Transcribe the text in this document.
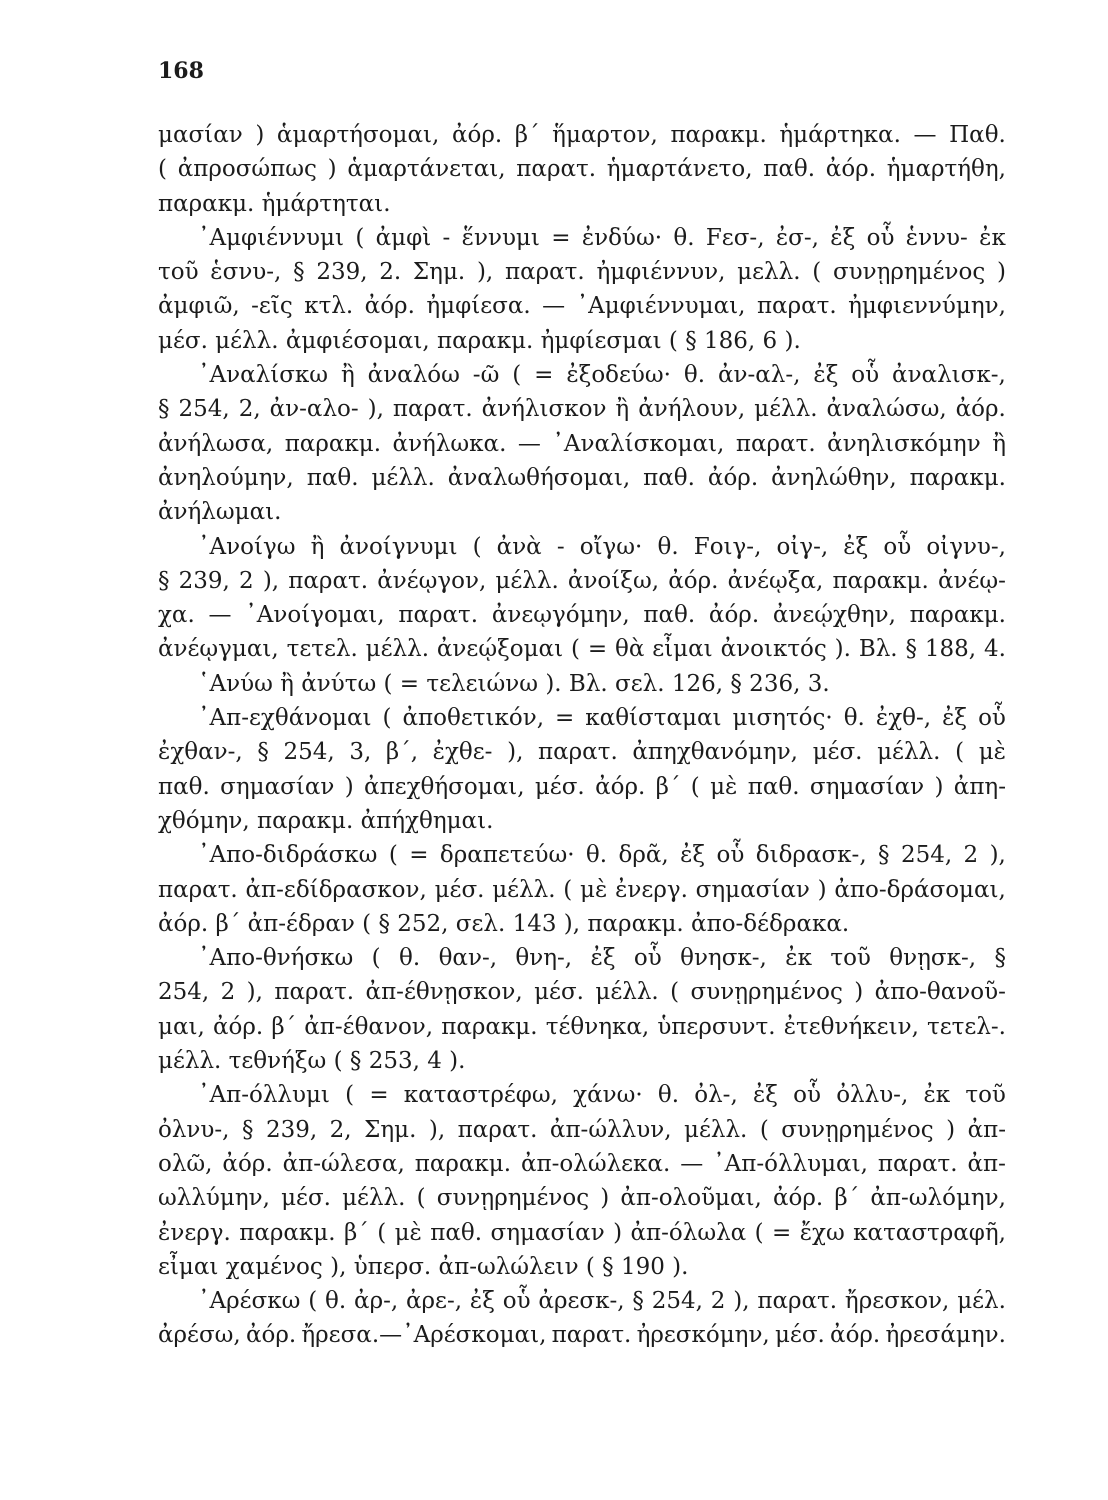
168
μασίαν ) ἁμαρτήσομαι, ἀόρ. β΄ ἥμαρτον, παρακμ. ἡμάρτηκα. — Παθ.
( ἀπροσώπως ) ἁμαρτάνεται, παρατ. ἡμαρτάνετο, παθ. ἀόρ. ἡμαρτήθη,
παρακμ. ἡμάρτηται.
᾿Αμφιέννυμι ( ἀμφὶ - ἕννυμι = ἐνδύω· θ. Fεσ-, ἐσ-, ἐξ οὗ ἑννυ- ἐκ
τοῦ ἑσνυ-, § 239, 2. Σημ. ), παρατ. ἠμφιέννυν, μελλ. ( συνῃρημένος )
ἀμφιῶ, -εῖς κτλ. ἀόρ. ἠμφίεσα. — ᾿Αμφιέννυμαι, παρατ. ἠμφιεννύμην,
μέσ. μέλλ. ἀμφιέσομαι, παρακμ. ἠμφίεσμαι ( § 186, 6 ).
᾿Αναλίσκω ἢ ἀναλόω -ῶ ( = ἐξοδεύω· θ. ἀν-αλ-, ἐξ οὗ ἀναλισκ-,
§ 254, 2, ἀν-αλο- ), παρατ. ἀνήλισκον ἢ ἀνήλουν, μέλλ. ἀναλώσω, ἀόρ.
ἀνήλωσα, παρακμ. ἀνήλωκα. — ᾿Αναλίσκομαι, παρατ. ἀνηλισκόμην ἢ
ἀνηλούμην, παθ. μέλλ. ἀναλωθήσομαι, παθ. ἀόρ. ἀνηλώθην, παρακμ.
ἀνήλωμαι.
᾿Ανοίγω ἢ ἀνοίγνυμι ( ἀνὰ - οἴγω· θ. Fοιγ-, οἰγ-, ἐξ οὗ οἰγνυ-,
§ 239, 2 ), παρατ. ἀνέῳγον, μέλλ. ἀνοίξω, ἀόρ. ἀνέῳξα, παρακμ. ἀνέῳ-
χα. — ᾿Ανοίγομαι, παρατ. ἀνεῳγόμην, παθ. ἀόρ. ἀνεῴχθην, παρακμ.
ἀνέῳγμαι, τετελ. μέλλ. ἀνεῴξομαι ( = θὰ εἶμαι ἀνοικτός ). Βλ. § 188, 4.
῾Ανύω ἢ ἀνύτω ( = τελειώνω ). Βλ. σελ. 126, § 236, 3.
᾿Απ-εχθάνομαι ( ἀποθετικόν, = καθίσταμαι μισητός· θ. ἐχθ-, ἐξ οὗ
ἐχθαν-, § 254, 3, β΄, ἐχθε- ), παρατ. ἀπηχθανόμην, μέσ. μέλλ. ( μὲ
παθ. σημασίαν ) ἀπεχθήσομαι, μέσ. ἀόρ. β΄ ( μὲ παθ. σημασίαν ) ἀπη-
χθόμην, παρακμ. ἀπήχθημαι.
᾿Απο-διδράσκω ( = δραπετεύω· θ. δρᾶ, ἐξ οὗ διδρασκ-, § 254, 2 ),
παρατ. ἀπ-εδίδρασκον, μέσ. μέλλ. ( μὲ ἐνεργ. σημασίαν ) ἀπο-δράσομαι,
ἀόρ. β΄ ἀπ-έδραν ( § 252, σελ. 143 ), παρακμ. ἀπο-δέδρακα.
᾿Απο-θνήσκω ( θ. θαν-, θνη-, ἐξ οὗ θνησκ-, ἐκ τοῦ θνῃσκ-, §
254, 2 ), παρατ. ἀπ-έθνῃσκον, μέσ. μέλλ. ( συνῃρημένος ) ἀπο-θανοῦ-
μαι, ἀόρ. β΄ ἀπ-έθανον, παρακμ. τέθνηκα, ὑπερσυντ. ἐτεθνήκειν, τετελ-.
μέλλ. τεθνήξω ( § 253, 4 ).
᾿Απ-όλλυμι ( = καταστρέφω, χάνω· θ. ὀλ-, ἐξ οὗ ὀλλυ-, ἐκ τοῦ
ὀλνυ-, § 239, 2, Σημ. ), παρατ. ἀπ-ώλλυν, μέλλ. ( συνῃρημένος ) ἀπ-
ολῶ, ἀόρ. ἀπ-ώλεσα, παρακμ. ἀπ-ολώλεκα. — ᾿Απ-όλλυμαι, παρατ. ἀπ-
ωλλύμην, μέσ. μέλλ. ( συνῃρημένος ) ἀπ-ολοῦμαι, ἀόρ. β΄ ἀπ-ωλόμην,
ἐνεργ. παρακμ. β΄ ( μὲ παθ. σημασίαν ) ἀπ-όλωλα ( = ἔχω καταστραφῆ,
εἶμαι χαμένος ), ὑπερσ. ἀπ-ωλώλειν ( § 190 ).
᾿Αρέσκω ( θ. ἀρ-, ἀρε-, ἐξ οὗ ἀρεσκ-, § 254, 2 ), παρατ. ἤρεσκον, μέλ.
ἀρέσω, ἀόρ. ἤρεσα.—᾿Αρέσκομαι, παρατ. ἠρεσκόμην, μέσ. ἀόρ. ἠρεσάμην.
